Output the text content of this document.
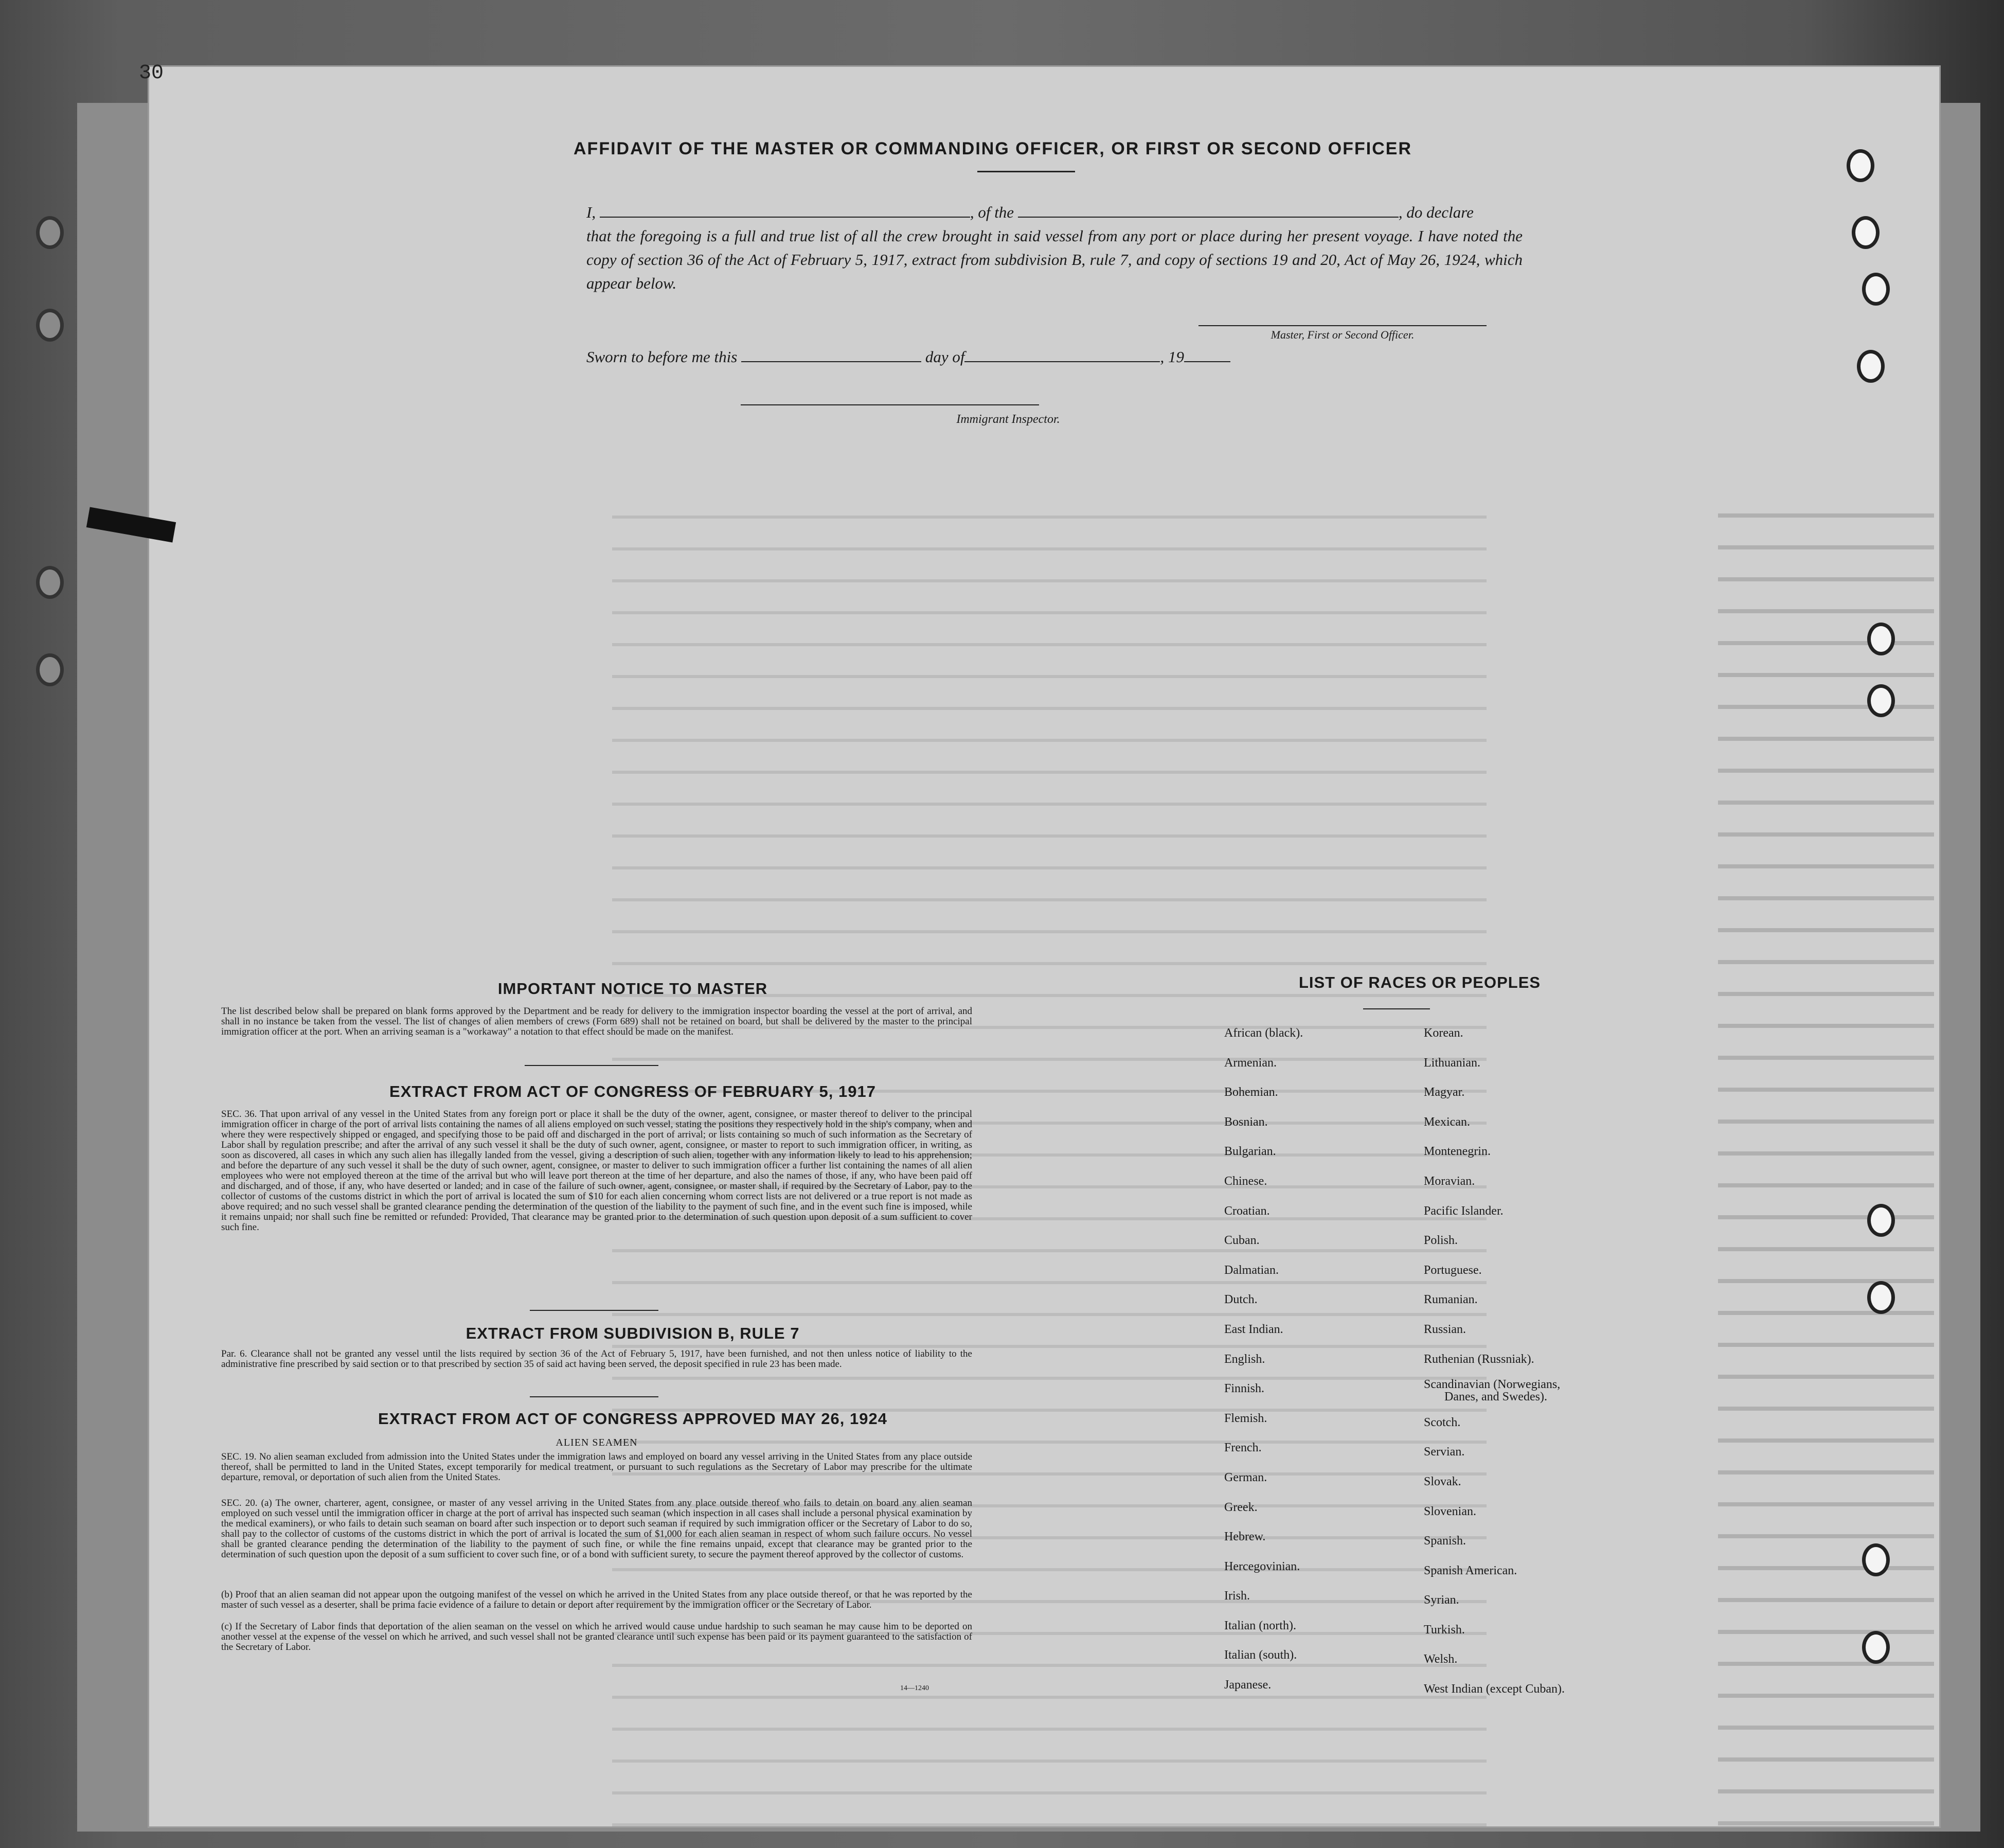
30
AFFIDAVIT OF THE MASTER OR COMMANDING OFFICER, OR FIRST OR SECOND OFFICER
I,	, of the	, do declare
that the foregoing is a full and true list of all the crew brought in said vessel from any port or place during her present voyage. I have noted the copy of section 36 of the Act of February 5, 1917, extract from subdivision B, rule 7, and copy of sections 19 and 20, Act of May 26, 1924, which appear below.
Master, First or Second Officer.
Sworn to before me this	day of	, 19
Immigrant Inspector.
IMPORTANT NOTICE TO MASTER
The list described below shall be prepared on blank forms approved by the Department and be ready for delivery to the immigration inspector boarding the vessel at the port of arrival, and shall in no instance be taken from the vessel. The list of changes of alien members of crews (Form 689) shall not be retained on board, but shall be delivered by the master to the principal immigration officer at the port. When an arriving seaman is a "workaway" a notation to that effect should be made on the manifest.
EXTRACT FROM ACT OF CONGRESS OF FEBRUARY 5, 1917
SEC. 36. That upon arrival of any vessel in the United States from any foreign port or place it shall be the duty of the owner, agent, consignee, or master thereof to deliver to the principal immigration officer in charge of the port of arrival lists containing the names of all aliens employed on such vessel, stating the positions they respectively hold in the ship's company, when and where they were respectively shipped or engaged, and specifying those to be paid off and discharged in the port of arrival; or lists containing so much of such information as the Secretary of Labor shall by regulation prescribe; and after the arrival of any such vessel it shall be the duty of such owner, agent, consignee, or master to report to such immigration officer, in writing, as soon as discovered, all cases in which any such alien has illegally landed from the vessel, giving a description of such alien, together with any information likely to lead to his apprehension; and before the departure of any such vessel it shall be the duty of such owner, agent, consignee, or master to deliver to such immigration officer a further list containing the names of all alien employees who were not employed thereon at the time of the arrival but who will leave port thereon at the time of her departure, and also the names of those, if any, who have been paid off and discharged, and of those, if any, who have deserted or landed; and in case of the failure of such owner, agent, consignee, or master shall, if required by the Secretary of Labor, pay to the collector of customs of the customs district in which the port of arrival is located the sum of $10 for each alien concerning whom correct lists are not delivered or a true report is not made as above required; and no such vessel shall be granted clearance pending the determination of the question of the liability to the payment of such fine, and in the event such fine is imposed, while it remains unpaid; nor shall such fine be remitted or refunded: Provided, That clearance may be granted prior to the determination of such question upon deposit of a sum sufficient to cover such fine.
EXTRACT FROM SUBDIVISION B, RULE 7
Par. 6. Clearance shall not be granted any vessel until the lists required by section 36 of the Act of February 5, 1917, have been furnished, and not then unless notice of liability to the administrative fine prescribed by said section or to that prescribed by section 35 of said act having been served, the deposit specified in rule 23 has been made.
EXTRACT FROM ACT OF CONGRESS APPROVED MAY 26, 1924
ALIEN SEAMEN
SEC. 19. No alien seaman excluded from admission into the United States under the immigration laws and employed on board any vessel arriving in the United States from any place outside thereof, shall be permitted to land in the United States, except temporarily for medical treatment, or pursuant to such regulations as the Secretary of Labor may prescribe for the ultimate departure, removal, or deportation of such alien from the United States.
SEC. 20. (a) The owner, charterer, agent, consignee, or master of any vessel arriving in the United States from any place outside thereof who fails to detain on board any alien seaman employed on such vessel until the immigration officer in charge at the port of arrival has inspected such seaman (which inspection in all cases shall include a personal physical examination by the medical examiners), or who fails to detain such seaman on board after such inspection or to deport such seaman if required by such immigration officer or the Secretary of Labor to do so, shall pay to the collector of customs of the customs district in which the port of arrival is located the sum of $1,000 for each alien seaman in respect of whom such failure occurs. No vessel shall be granted clearance pending the determination of the liability to the payment of such fine, or while the fine remains unpaid, except that clearance may be granted prior to the determination of such question upon the deposit of a sum sufficient to cover such fine, or of a bond with sufficient surety, to secure the payment thereof approved by the collector of customs.
(b) Proof that an alien seaman did not appear upon the outgoing manifest of the vessel on which he arrived in the United States from any place outside thereof, or that he was reported by the master of such vessel as a deserter, shall be prima facie evidence of a failure to detain or deport after requirement by the immigration officer or the Secretary of Labor.
(c) If the Secretary of Labor finds that deportation of the alien seaman on the vessel on which he arrived would cause undue hardship to such seaman he may cause him to be deported on another vessel at the expense of the vessel on which he arrived, and such vessel shall not be granted clearance until such expense has been paid or its payment guaranteed to the satisfaction of the Secretary of Labor.
14—1240
LIST OF RACES OR PEOPLES
African (black).
Armenian.
Bohemian.
Bosnian.
Bulgarian.
Chinese.
Croatian.
Cuban.
Dalmatian.
Dutch.
East Indian.
English.
Finnish.
Flemish.
French.
German.
Greek.
Hebrew.
Hercegovinian.
Irish.
Italian (north).
Italian (south).
Japanese.
Korean.
Lithuanian.
Magyar.
Mexican.
Montenegrin.
Moravian.
Pacific Islander.
Polish.
Portuguese.
Rumanian.
Russian.
Ruthenian (Russniak).
Scandinavian (Norwegians,
Danes, and Swedes).
Scotch.
Servian.
Slovak.
Slovenian.
Spanish.
Spanish American.
Syrian.
Turkish.
Welsh.
West Indian (except Cuban).
